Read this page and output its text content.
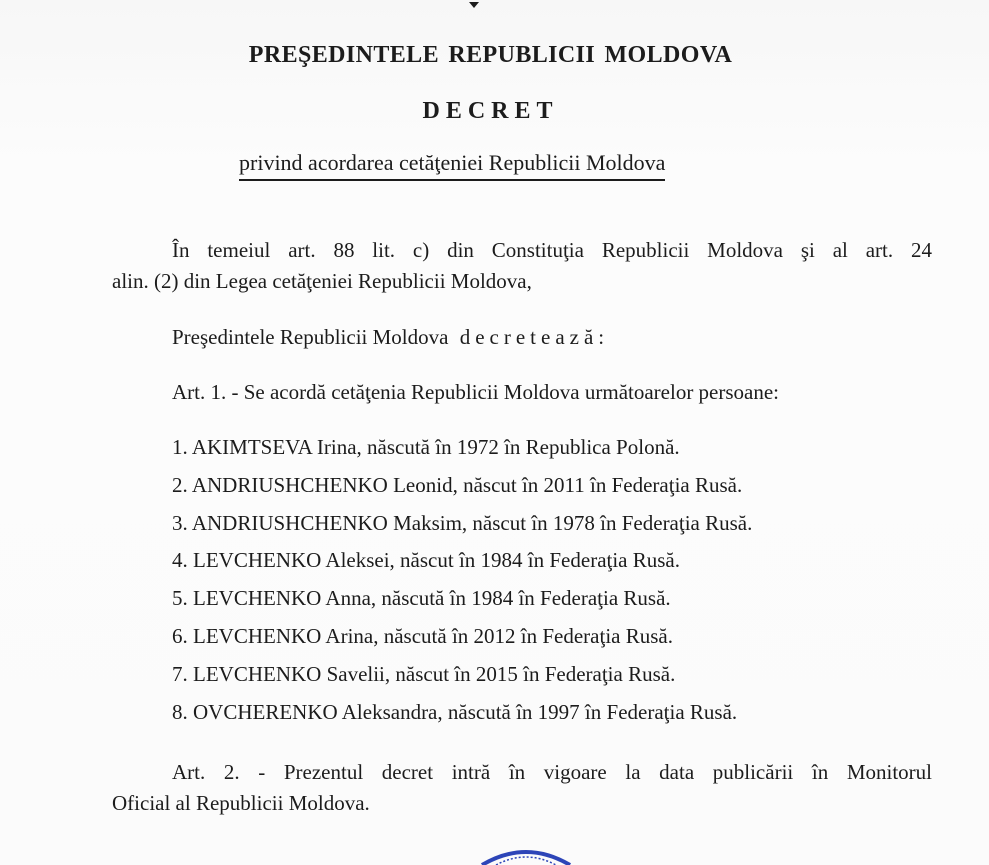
PREŞEDINTELE REPUBLICII MOLDOVA
DECRET
privind acordarea cetăţeniei Republicii Moldova
În temeiul art. 88 lit. c) din Constituţia Republicii Moldova şi al art. 24
alin. (2) din Legea cetăţeniei Republicii Moldova,
Preşedintele Republicii Moldova decretează:
Art. 1. - Se acordă cetăţenia Republicii Moldova următoarelor persoane:
1. AKIMTSEVA Irina, născută în 1972 în Republica Polonă.
2. ANDRIUSHCHENKO Leonid, născut în 2011 în Federaţia Rusă.
3. ANDRIUSHCHENKO Maksim, născut în 1978 în Federaţia Rusă.
4. LEVCHENKO Aleksei, născut în 1984 în Federaţia Rusă.
5. LEVCHENKO Anna, născută în 1984 în Federaţia Rusă.
6. LEVCHENKO Arina, născută în 2012 în Federaţia Rusă.
7. LEVCHENKO Savelii, născut în 2015 în Federaţia Rusă.
8. OVCHERENKO Aleksandra, născută în 1997 în Federaţia Rusă.
Art. 2. - Prezentul decret intră în vigoare la data publicării în Monitorul
Oficial al Republicii Moldova.
